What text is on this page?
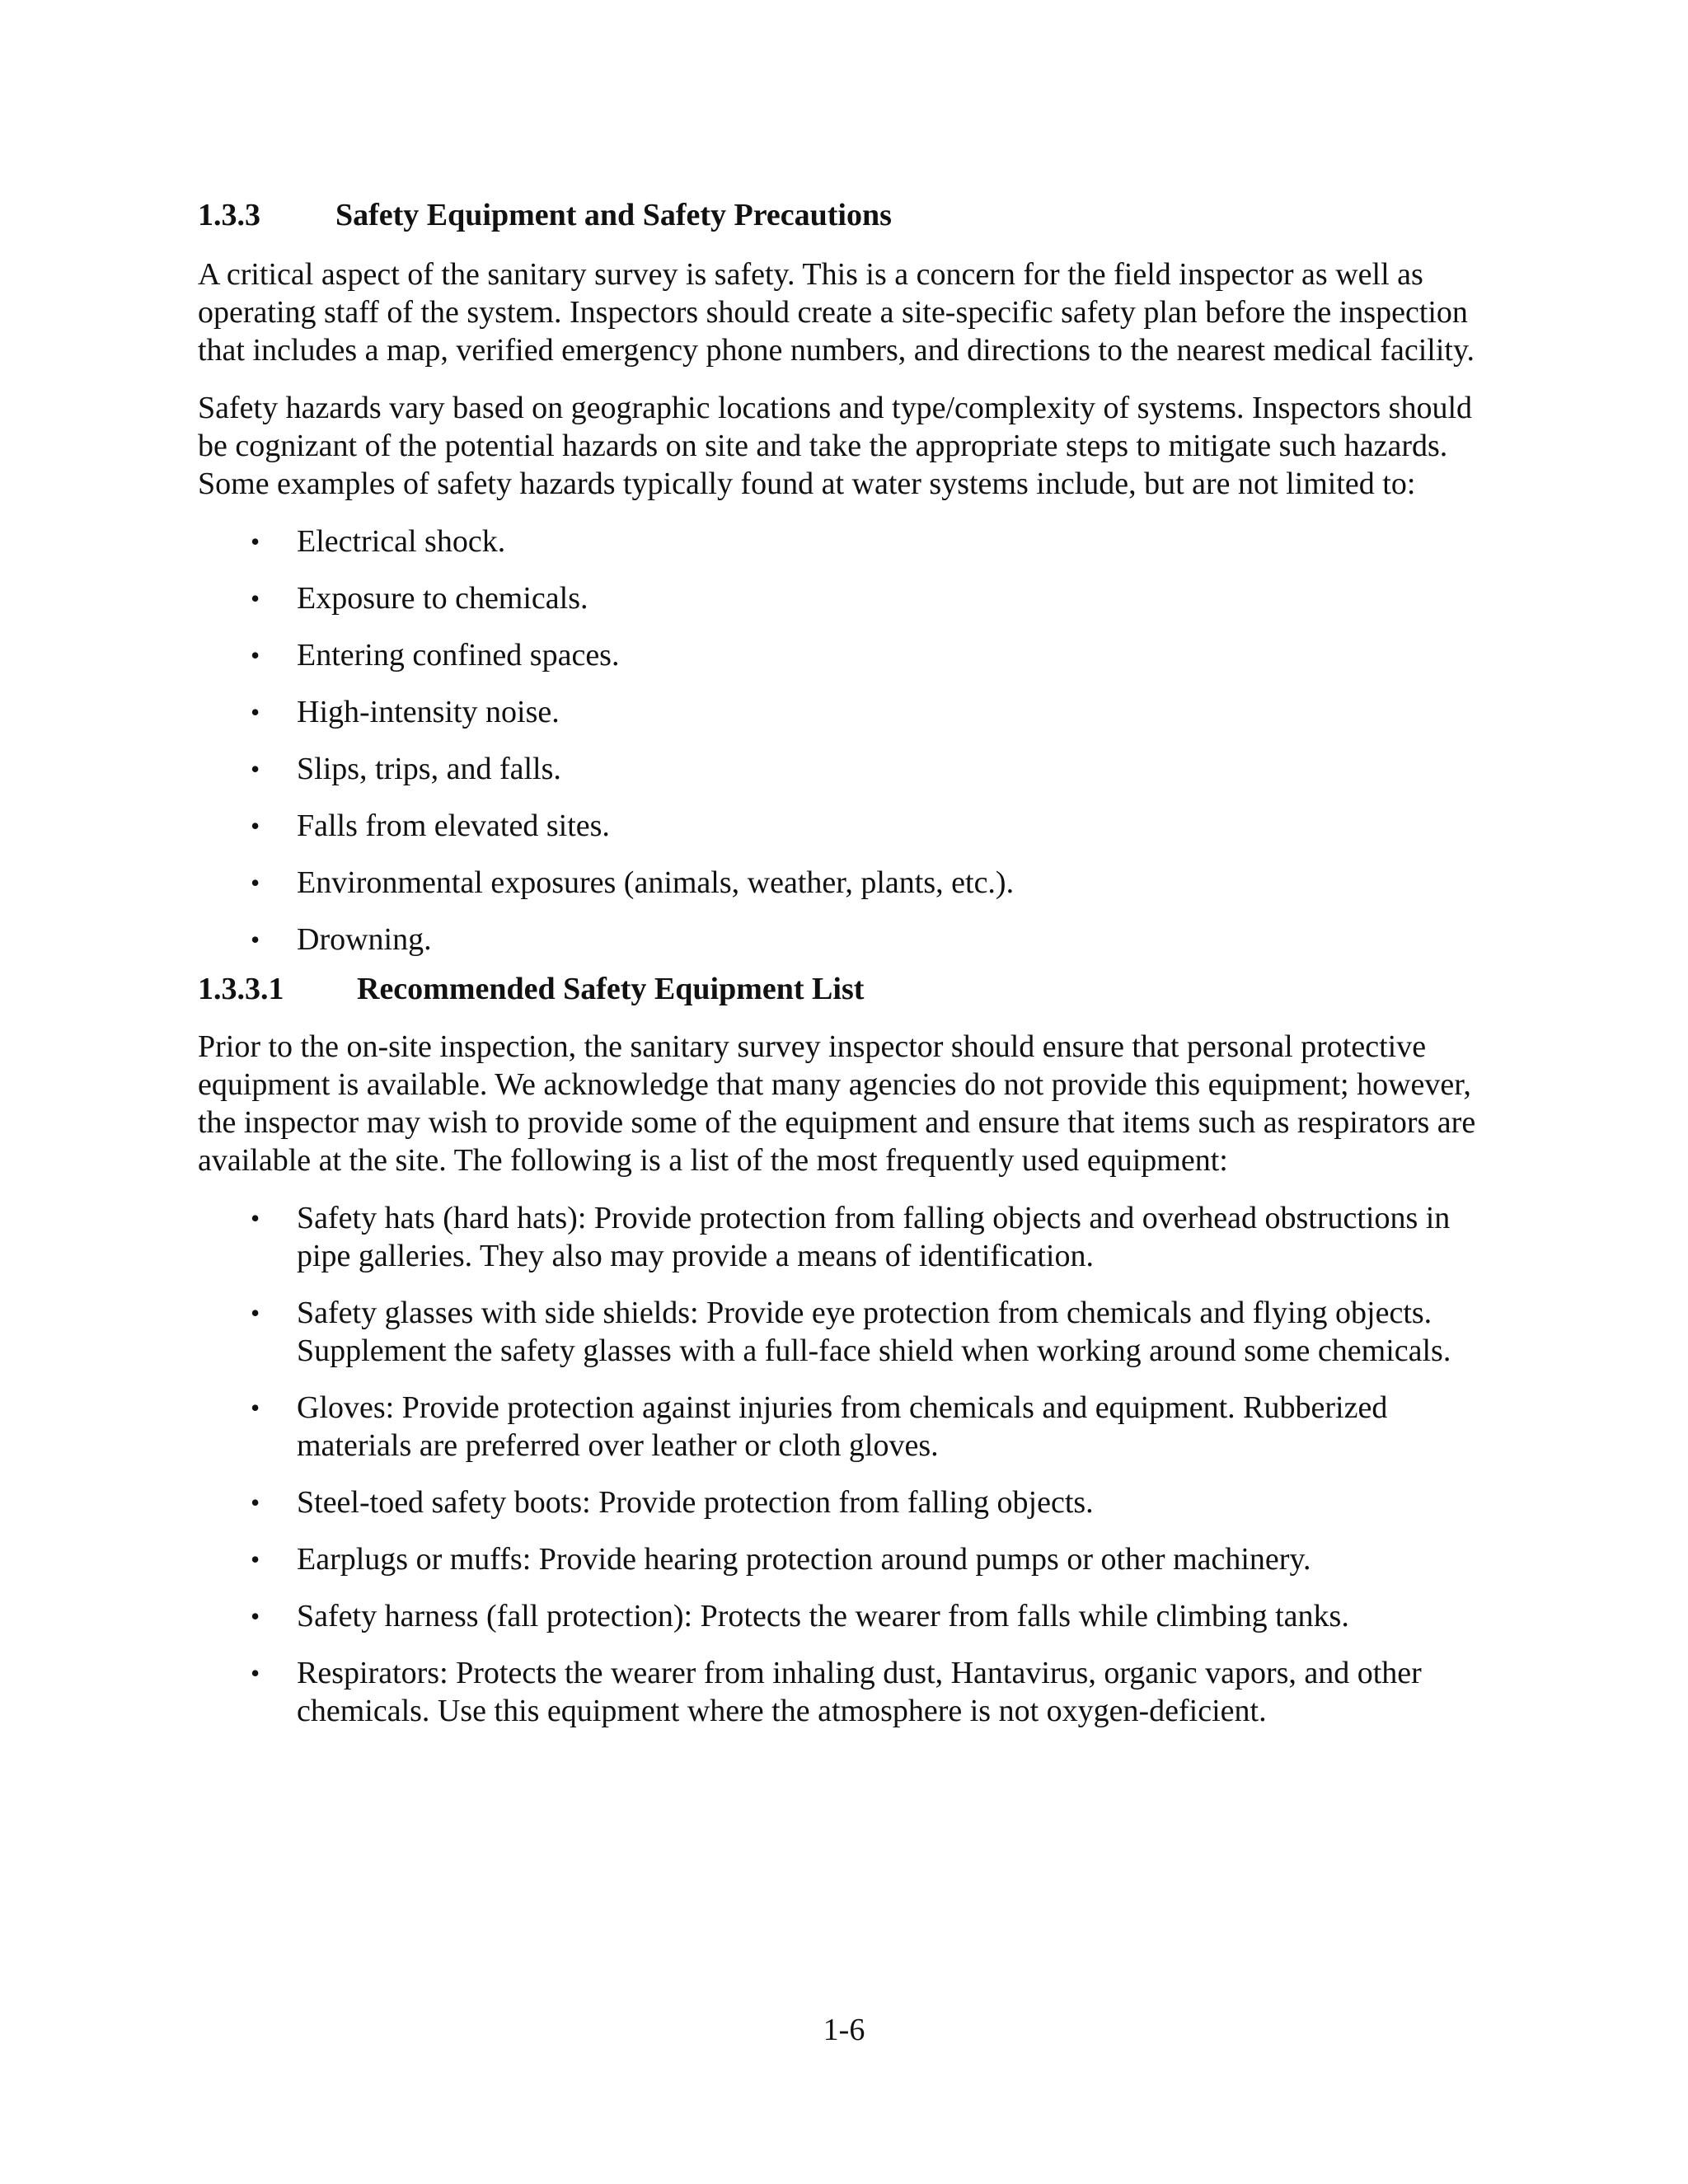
1.3.3	Safety Equipment and Safety Precautions

A critical aspect of the sanitary survey is safety. This is a concern for the field inspector as well as operating staff of the system. Inspectors should create a site-specific safety plan before the inspection that includes a map, verified emergency phone numbers, and directions to the nearest medical facility.

Safety hazards vary based on geographic locations and type/complexity of systems. Inspectors should be cognizant of the potential hazards on site and take the appropriate steps to mitigate such hazards. Some examples of safety hazards typically found at water systems include, but are not limited to:

• Electrical shock.
• Exposure to chemicals.
• Entering confined spaces.
• High-intensity noise.
• Slips, trips, and falls.
• Falls from elevated sites.
• Environmental exposures (animals, weather, plants, etc.).
• Drowning.
1.3.3.1	Recommended Safety Equipment List

Prior to the on-site inspection, the sanitary survey inspector should ensure that personal protective equipment is available. We acknowledge that many agencies do not provide this equipment; however, the inspector may wish to provide some of the equipment and ensure that items such as respirators are available at the site. The following is a list of the most frequently used equipment:

• Safety hats (hard hats): Provide protection from falling objects and overhead obstructions in pipe galleries. They also may provide a means of identification.
• Safety glasses with side shields: Provide eye protection from chemicals and flying objects. Supplement the safety glasses with a full-face shield when working around some chemicals.
• Gloves: Provide protection against injuries from chemicals and equipment. Rubberized materials are preferred over leather or cloth gloves.
• Steel-toed safety boots: Provide protection from falling objects.
• Earplugs or muffs: Provide hearing protection around pumps or other machinery.
• Safety harness (fall protection): Protects the wearer from falls while climbing tanks.
• Respirators: Protects the wearer from inhaling dust, Hantavirus, organic vapors, and other chemicals. Use this equipment where the atmosphere is not oxygen-deficient.
1-6
